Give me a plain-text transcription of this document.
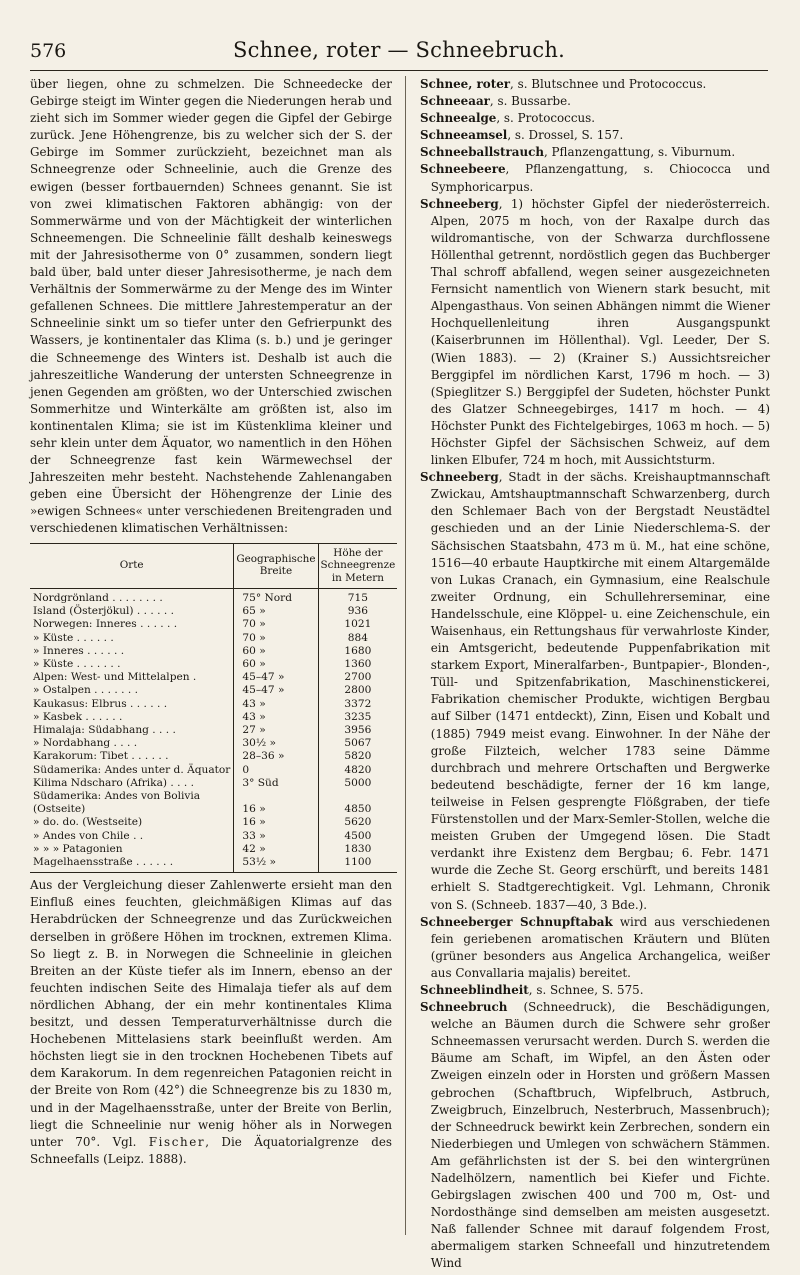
576	Schnee, roter — Schneebruch.

über liegen, ohne zu schmelzen. Die Schneedecke der Gebirge steigt im Winter gegen die Niederungen herab und zieht sich im Sommer wieder gegen die Gipfel der Gebirge zurück. Jene Höhengrenze, bis zu welcher sich der S. der Gebirge im Sommer zurückzieht, bezeichnet man als Schneegrenze oder Schneelinie, auch die Grenze des ewigen (besser fortbauernden) Schnees genannt. Sie ist von zwei klimatischen Faktoren abhängig: von der Sommerwärme und von der Mächtigkeit der winterlichen Schneemengen. Die Schneelinie fällt deshalb keineswegs mit der Jahresisotherme von 0° zusammen, sondern liegt bald über, bald unter dieser Jahresisotherme, je nach dem Verhältnis der Sommerwärme zu der Menge des im Winter gefallenen Schnees. Die mittlere Jahrestemperatur an der Schneelinie sinkt um so tiefer unter den Gefrierpunkt des Wassers, je kontinentaler das Klima (s. b.) und je geringer die Schneemenge des Winters ist. Deshalb ist auch die jahreszeitliche Wanderung der untersten Schneegrenze in jenen Gegenden am größten, wo der Unterschied zwischen Sommerhitze und Winterkälte am größten ist, also im kontinentalen Klima; sie ist im Küstenklima kleiner und sehr klein unter dem Äquator, wo namentlich in den Höhen der Schneegrenze fast kein Wärmewechsel der Jahreszeiten mehr besteht. Nachstehende Zahlenangaben geben eine Übersicht der Höhengrenze der Linie des »ewigen Schnees« unter verschiedenen Breitengraden und verschiedenen klimatischen Verhältnissen:

Orte	Geographische Breite	Höhe der Schneegrenze in Metern
Nordgrönland . . . . . . . .	75° Nord	715
Island (Österjökul) . . . . . .	65 »	936
Norwegen: Inneres . . . . . .	70 »	1021
» Küste . . . . . .	70 »	884
» Inneres . . . . . .	60 »	1680
» Küste . . . . . . .	60 »	1360
Alpen: West- und Mittelalpen .	45–47 »	2700
» Ostalpen . . . . . . .	45–47 »	2800
Kaukasus: Elbrus . . . . . .	43 »	3372
» Kasbek . . . . . .	43 »	3235
Himalaja: Südabhang . . . .	27 »	3956
» Nordabhang . . . .	30½ »	5067
Karakorum: Tibet . . . . . .	28–36 »	5820
Südamerika: Andes unter d. Äquator	0	4820
Kilima Ndscharo (Afrika) . . . .	3° Süd	5000
Südamerika: Andes von Bolivia		
(Ostseite)	16 »	4850
» do. do. (Westseite)	16 »	5620
» Andes von Chile . .	33 »	4500
» » » Patagonien	42 »	1830
Magelhaensstraße . . . . . .	53½ »	1100

Aus der Vergleichung dieser Zahlenwerte ersieht man den Einfluß eines feuchten, gleichmäßigen Klimas auf das Herabdrücken der Schneegrenze und das Zurückweichen derselben in größere Höhen im trocknen, extremen Klima. So liegt z. B. in Norwegen die Schneelinie in gleichen Breiten an der Küste tiefer als im Innern, ebenso an der feuchten indischen Seite des Himalaja tiefer als auf dem nördlichen Abhang, der ein mehr kontinentales Klima besitzt, und dessen Temperaturverhältnisse durch die Hochebenen Mittelasiens stark beeinflußt werden. Am höchsten liegt sie in den trocknen Hochebenen Tibets auf dem Karakorum. In dem regenreichen Patagonien reicht in der Breite von Rom (42°) die Schneegrenze bis zu 1830 m, und in der Magelhaensstraße, unter der Breite von Berlin, liegt die Schneelinie nur wenig höher als in Norwegen unter 70°. Vgl. Fischer, Die Äquatorialgrenze des Schneefalls (Leipz. 1888).

Schnee, roter, s. Blutschnee und Protococcus.

Schneeaar, s. Bussarbe.

Schneealge, s. Protococcus.

Schneeamsel, s. Drossel, S. 157.

Schneeballstrauch, Pflanzengattung, s. Viburnum.

Schneebeere, Pflanzengattung, s. Chiococca und Symphoricarpus.

Schneeberg, 1) höchster Gipfel der niederösterreich. Alpen, 2075 m hoch, von der Raxalpe durch das wildromantische, von der Schwarza durchflossene Höllenthal getrennt, nordöstlich gegen das Buchberger Thal schroff abfallend, wegen seiner ausgezeichneten Fernsicht namentlich von Wienern stark besucht, mit Alpengasthaus. Von seinen Abhängen nimmt die Wiener Hochquellenleitung ihren Ausgangspunkt (Kaiserbrunnen im Höllenthal). Vgl. Leeder, Der S. (Wien 1883). — 2) (Krainer S.) Aussichtsreicher Berggipfel im nördlichen Karst, 1796 m hoch. — 3) (Spieglitzer S.) Berggipfel der Sudeten, höchster Punkt des Glatzer Schneegebirges, 1417 m hoch. — 4) Höchster Punkt des Fichtelgebirges, 1063 m hoch. — 5) Höchster Gipfel der Sächsischen Schweiz, auf dem linken Elbufer, 724 m hoch, mit Aussichtsturm.

Schneeberg, Stadt in der sächs. Kreishauptmannschaft Zwickau, Amtshauptmannschaft Schwarzenberg, durch den Schlemaer Bach von der Bergstadt Neustädtel geschieden und an der Linie Niederschlema-S. der Sächsischen Staatsbahn, 473 m ü. M., hat eine schöne, 1516—40 erbaute Hauptkirche mit einem Altargemälde von Lukas Cranach, ein Gymnasium, eine Realschule zweiter Ordnung, ein Schullehrerseminar, eine Handelsschule, eine Klöppel- u. eine Zeichenschule, ein Waisenhaus, ein Rettungshaus für verwahrloste Kinder, ein Amtsgericht, bedeutende Puppenfabrikation mit starkem Export, Mineralfarben-, Buntpapier-, Blonden-, Tüll- und Spitzenfabrikation, Maschinenstickerei, Fabrikation chemischer Produkte, wichtigen Bergbau auf Silber (1471 entdeckt), Zinn, Eisen und Kobalt und (1885) 7949 meist evang. Einwohner. In der Nähe der große Filzteich, welcher 1783 seine Dämme durchbrach und mehrere Ortschaften und Bergwerke bedeutend beschädigte, ferner der 16 km lange, teilweise in Felsen gesprengte Flößgraben, der tiefe Fürstenstollen und der Marx-Semler-Stollen, welche die meisten Gruben der Umgegend lösen. Die Stadt verdankt ihre Existenz dem Bergbau; 6. Febr. 1471 wurde die Zeche St. Georg erschürft, und bereits 1481 erhielt S. Stadtgerechtigkeit. Vgl. Lehmann, Chronik von S. (Schneeb. 1837—40, 3 Bde.).

Schneeberger Schnupftabak wird aus verschiedenen fein geriebenen aromatischen Kräutern und Blüten (grüner besonders aus Angelica Archangelica, weißer aus Convallaria majalis) bereitet.

Schneeblindheit, s. Schnee, S. 575.

Schneebruch (Schneedruck), die Beschädigungen, welche an Bäumen durch die Schwere sehr großer Schneemassen verursacht werden. Durch S. werden die Bäume am Schaft, im Wipfel, an den Ästen oder Zweigen einzeln oder in Horsten und größern Massen gebrochen (Schaftbruch, Wipfelbruch, Astbruch, Zweigbruch, Einzelbruch, Nesterbruch, Massenbruch); der Schneedruck bewirkt kein Zerbrechen, sondern ein Niederbiegen und Umlegen von schwächern Stämmen. Am gefährlichsten ist der S. bei den wintergrünen Nadelhölzern, namentlich bei Kiefer und Fichte. Gebirgslagen zwischen 400 und 700 m, Ost- und Nordosthänge sind demselben am meisten ausgesetzt. Naß fallender Schnee mit darauf folgendem Frost, abermaligem starken Schneefall und hinzutretendem Wind
